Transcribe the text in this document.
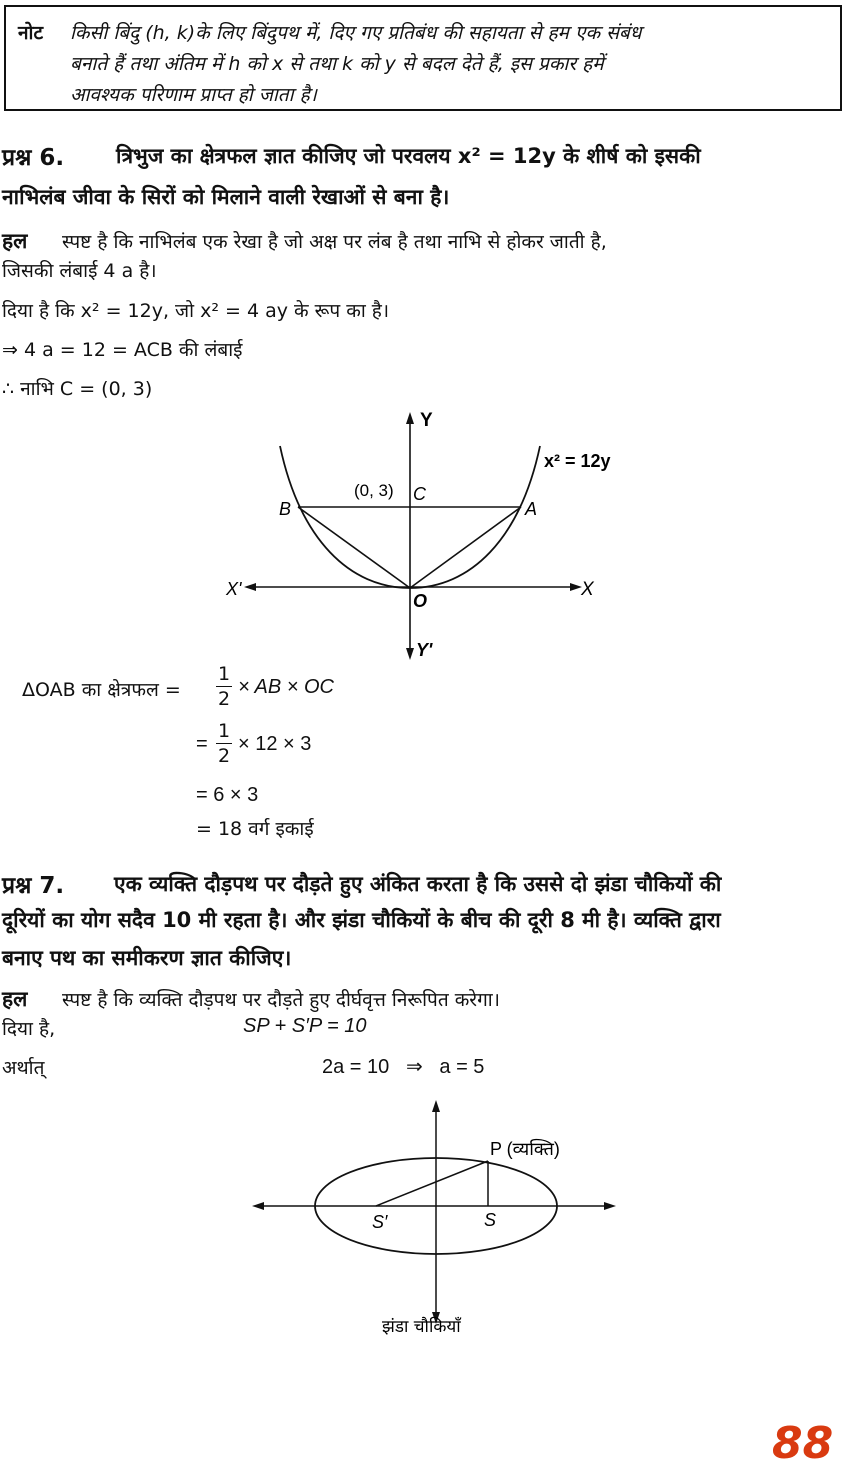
नोट किसी बिंदु (h, k)के लिए बिंदुपथ में, दिए गए प्रतिबंध की सहायता से हम एक संबंध
बनाते हैं तथा अंतिम में h को x से तथा k को y से बदल देते हैं, इस प्रकार हमें
आवश्यक परिणाम प्राप्त हो जाता है।
प्रश्न 6. त्रिभुज का क्षेत्रफल ज्ञात कीजिए जो परवलय x² = 12y के शीर्ष को इसकी
नाभिलंब जीवा के सिरों को मिलाने वाली रेखाओं से बना है।
हल स्पष्ट है कि नाभिलंब एक रेखा है जो अक्ष पर लंब है तथा नाभि से होकर जाती है,
जिसकी लंबाई 4 a है।
दिया है कि x² = 12y, जो x² = 4 ay के रूप का है।
⇒ 4 a = 12 = ACB की लंबाई
∴ नाभि C = (0, 3)
Y
Y'
X
X'
O
B	A
C
(0, 3)
x² = 12y
ΔOAB का क्षेत्रफल =
1
2
× AB × OC
=
1
2
× 12 × 3
= 6 × 3
= 18 वर्ग इकाई
प्रश्न 7. एक व्यक्ति दौड़पथ पर दौड़ते हुए अंकित करता है कि उससे दो झंडा चौकियों की
दूरियों का योग सदैव 10 मी रहता है। और झंडा चौकियों के बीच की दूरी 8 मी है। व्यक्ति द्वारा
बनाए पथ का समीकरण ज्ञात कीजिए।
हल स्पष्ट है कि व्यक्ति दौड़पथ पर दौड़ते हुए दीर्घवृत्त निरूपित करेगा।
दिया है,	SP + S′P = 10
अर्थात्	2a = 10   ⇒   a = 5
P (व्यक्ति)
S
S′
झंडा चौकियाँ
88
